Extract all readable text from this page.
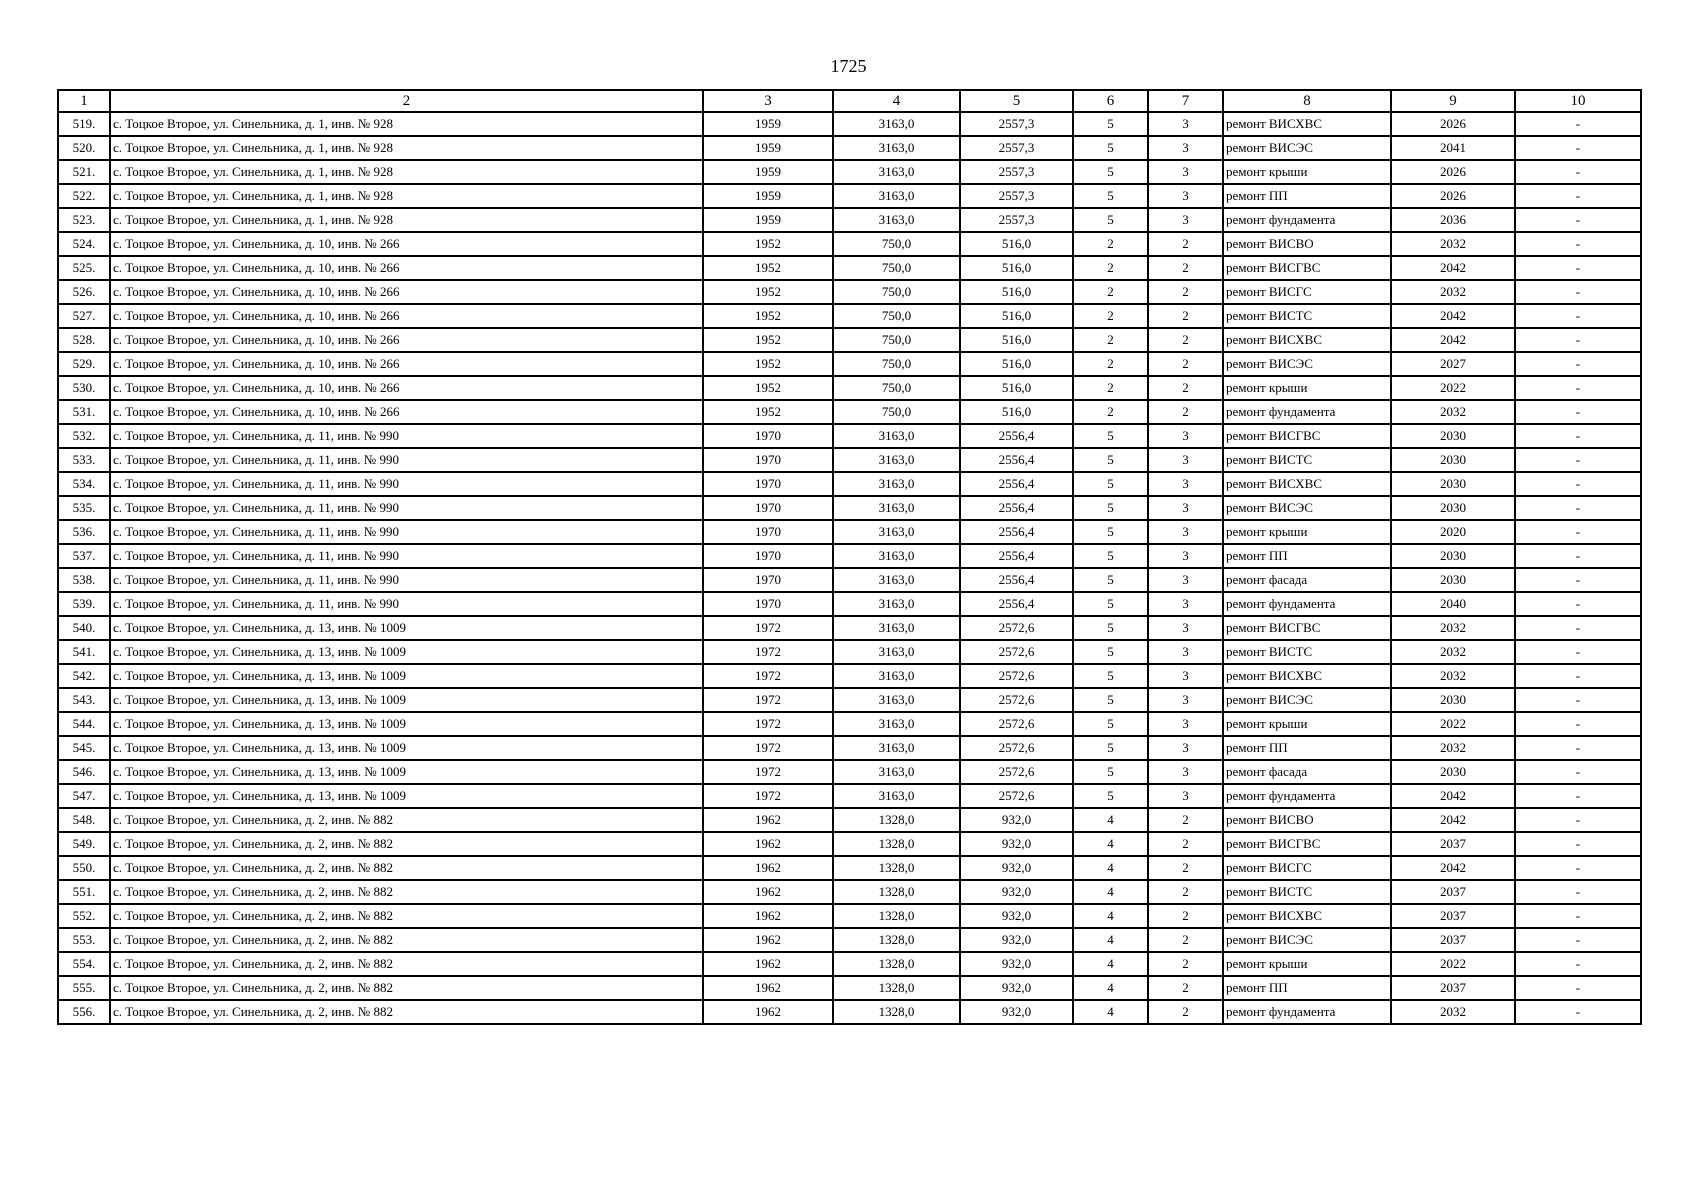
1725
1	2	3	4	5	6	7	8	9	10
519.	с. Тоцкое Второе, ул. Синельника, д. 1, инв. № 928	1959	3163,0	2557,3	5	3	ремонт ВИСХВС	2026	-
520.	с. Тоцкое Второе, ул. Синельника, д. 1, инв. № 928	1959	3163,0	2557,3	5	3	ремонт ВИСЭС	2041	-
521.	с. Тоцкое Второе, ул. Синельника, д. 1, инв. № 928	1959	3163,0	2557,3	5	3	ремонт крыши	2026	-
522.	с. Тоцкое Второе, ул. Синельника, д. 1, инв. № 928	1959	3163,0	2557,3	5	3	ремонт ПП	2026	-
523.	с. Тоцкое Второе, ул. Синельника, д. 1, инв. № 928	1959	3163,0	2557,3	5	3	ремонт фундамента	2036	-
524.	с. Тоцкое Второе, ул. Синельника, д. 10, инв. № 266	1952	750,0	516,0	2	2	ремонт ВИСВО	2032	-
525.	с. Тоцкое Второе, ул. Синельника, д. 10, инв. № 266	1952	750,0	516,0	2	2	ремонт ВИСГВС	2042	-
526.	с. Тоцкое Второе, ул. Синельника, д. 10, инв. № 266	1952	750,0	516,0	2	2	ремонт ВИСГС	2032	-
527.	с. Тоцкое Второе, ул. Синельника, д. 10, инв. № 266	1952	750,0	516,0	2	2	ремонт ВИСТС	2042	-
528.	с. Тоцкое Второе, ул. Синельника, д. 10, инв. № 266	1952	750,0	516,0	2	2	ремонт ВИСХВС	2042	-
529.	с. Тоцкое Второе, ул. Синельника, д. 10, инв. № 266	1952	750,0	516,0	2	2	ремонт ВИСЭС	2027	-
530.	с. Тоцкое Второе, ул. Синельника, д. 10, инв. № 266	1952	750,0	516,0	2	2	ремонт крыши	2022	-
531.	с. Тоцкое Второе, ул. Синельника, д. 10, инв. № 266	1952	750,0	516,0	2	2	ремонт фундамента	2032	-
532.	с. Тоцкое Второе, ул. Синельника, д. 11, инв. № 990	1970	3163,0	2556,4	5	3	ремонт ВИСГВС	2030	-
533.	с. Тоцкое Второе, ул. Синельника, д. 11, инв. № 990	1970	3163,0	2556,4	5	3	ремонт ВИСТС	2030	-
534.	с. Тоцкое Второе, ул. Синельника, д. 11, инв. № 990	1970	3163,0	2556,4	5	3	ремонт ВИСХВС	2030	-
535.	с. Тоцкое Второе, ул. Синельника, д. 11, инв. № 990	1970	3163,0	2556,4	5	3	ремонт ВИСЭС	2030	-
536.	с. Тоцкое Второе, ул. Синельника, д. 11, инв. № 990	1970	3163,0	2556,4	5	3	ремонт крыши	2020	-
537.	с. Тоцкое Второе, ул. Синельника, д. 11, инв. № 990	1970	3163,0	2556,4	5	3	ремонт ПП	2030	-
538.	с. Тоцкое Второе, ул. Синельника, д. 11, инв. № 990	1970	3163,0	2556,4	5	3	ремонт фасада	2030	-
539.	с. Тоцкое Второе, ул. Синельника, д. 11, инв. № 990	1970	3163,0	2556,4	5	3	ремонт фундамента	2040	-
540.	с. Тоцкое Второе, ул. Синельника, д. 13, инв. № 1009	1972	3163,0	2572,6	5	3	ремонт ВИСГВС	2032	-
541.	с. Тоцкое Второе, ул. Синельника, д. 13, инв. № 1009	1972	3163,0	2572,6	5	3	ремонт ВИСТС	2032	-
542.	с. Тоцкое Второе, ул. Синельника, д. 13, инв. № 1009	1972	3163,0	2572,6	5	3	ремонт ВИСХВС	2032	-
543.	с. Тоцкое Второе, ул. Синельника, д. 13, инв. № 1009	1972	3163,0	2572,6	5	3	ремонт ВИСЭС	2030	-
544.	с. Тоцкое Второе, ул. Синельника, д. 13, инв. № 1009	1972	3163,0	2572,6	5	3	ремонт крыши	2022	-
545.	с. Тоцкое Второе, ул. Синельника, д. 13, инв. № 1009	1972	3163,0	2572,6	5	3	ремонт ПП	2032	-
546.	с. Тоцкое Второе, ул. Синельника, д. 13, инв. № 1009	1972	3163,0	2572,6	5	3	ремонт фасада	2030	-
547.	с. Тоцкое Второе, ул. Синельника, д. 13, инв. № 1009	1972	3163,0	2572,6	5	3	ремонт фундамента	2042	-
548.	с. Тоцкое Второе, ул. Синельника, д. 2, инв. № 882	1962	1328,0	932,0	4	2	ремонт ВИСВО	2042	-
549.	с. Тоцкое Второе, ул. Синельника, д. 2, инв. № 882	1962	1328,0	932,0	4	2	ремонт ВИСГВС	2037	-
550.	с. Тоцкое Второе, ул. Синельника, д. 2, инв. № 882	1962	1328,0	932,0	4	2	ремонт ВИСГС	2042	-
551.	с. Тоцкое Второе, ул. Синельника, д. 2, инв. № 882	1962	1328,0	932,0	4	2	ремонт ВИСТС	2037	-
552.	с. Тоцкое Второе, ул. Синельника, д. 2, инв. № 882	1962	1328,0	932,0	4	2	ремонт ВИСХВС	2037	-
553.	с. Тоцкое Второе, ул. Синельника, д. 2, инв. № 882	1962	1328,0	932,0	4	2	ремонт ВИСЭС	2037	-
554.	с. Тоцкое Второе, ул. Синельника, д. 2, инв. № 882	1962	1328,0	932,0	4	2	ремонт крыши	2022	-
555.	с. Тоцкое Второе, ул. Синельника, д. 2, инв. № 882	1962	1328,0	932,0	4	2	ремонт ПП	2037	-
556.	с. Тоцкое Второе, ул. Синельника, д. 2, инв. № 882	1962	1328,0	932,0	4	2	ремонт фундамента	2032	-
